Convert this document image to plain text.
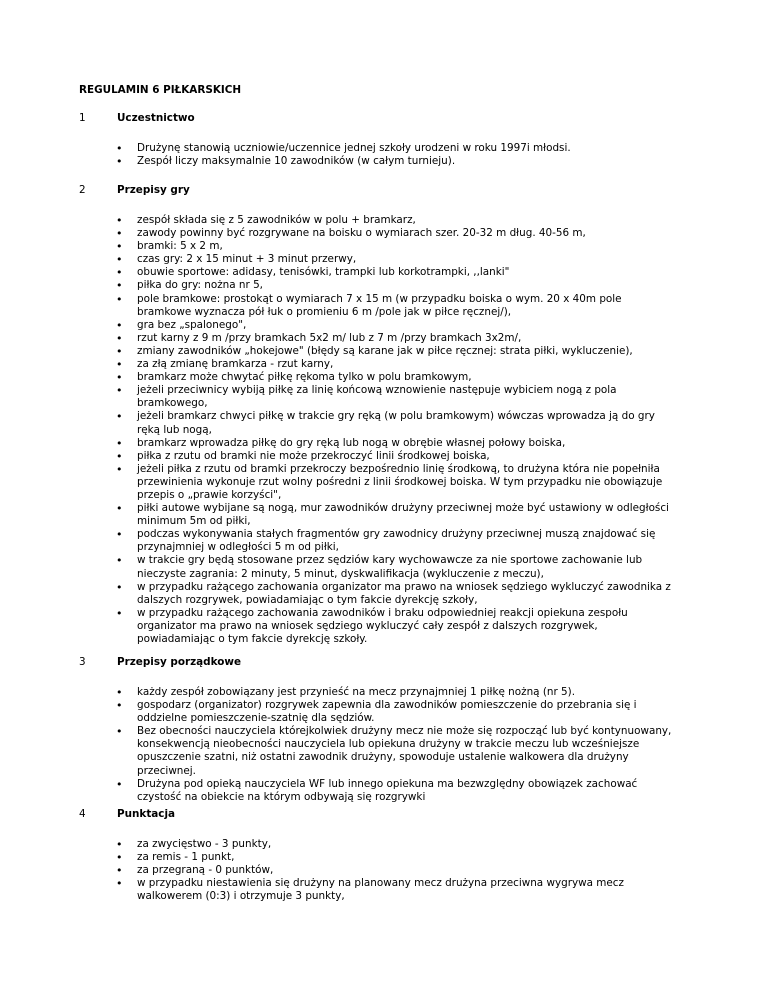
REGULAMIN 6 PIŁKARSKICH
1	Uczestnictwo
• Drużynę stanowią uczniowie/uczennice jednej szkoły urodzeni w roku 1997i młodsi.
• Zespół liczy maksymalnie 10 zawodników (w całym turnieju).
2	Przepisy gry
• zespół składa się z 5 zawodników w polu + bramkarz,
• zawody powinny być rozgrywane na boisku o wymiarach szer. 20-32 m dług. 40-56 m,
• bramki: 5 x 2 m,
• czas gry: 2 x 15 minut + 3 minut przerwy,
• obuwie sportowe: adidasy, tenisówki, trampki lub korkotrampki, ,,lanki"
• piłka do gry: nożna nr 5,
• pole bramkowe: prostokąt o wymiarach 7 x 15 m (w przypadku boiska o wym. 20 x 40m pole bramkowe wyznacza pół łuk o promieniu 6 m /pole jak w piłce ręcznej/),
• gra bez „spalonego",
• rzut karny z 9 m /przy bramkach 5x2 m/ lub z 7 m /przy bramkach 3x2m/,
• zmiany zawodników „hokejowe" (błędy są karane jak w piłce ręcznej: strata piłki, wykluczenie),
• za złą zmianę bramkarza - rzut karny,
• bramkarz może chwytać piłkę rękoma tylko w polu bramkowym,
• jeżeli przeciwnicy wybiją piłkę za linię końcową wznowienie następuje wybiciem nogą z pola bramkowego,
• jeżeli bramkarz chwyci piłkę w trakcie gry ręką (w polu bramkowym) wówczas wprowadza ją do gry ręką lub nogą,
• bramkarz wprowadza piłkę do gry ręką lub nogą w obrębie własnej połowy boiska,
• piłka z rzutu od bramki nie może przekroczyć linii środkowej boiska,
• jeżeli piłka z rzutu od bramki przekroczy bezpośrednio linię środkową, to drużyna która nie popełniła przewinienia wykonuje rzut wolny pośredni z linii środkowej boiska. W tym przypadku nie obowiązuje przepis o „prawie korzyści",
• piłki autowe wybijane są nogą, mur zawodników drużyny przeciwnej może być ustawiony w odległości minimum 5m od piłki,
• podczas wykonywania stałych fragmentów gry zawodnicy drużyny przeciwnej muszą znajdować się przynajmniej w odległości 5 m od piłki,
• w trakcie gry będą stosowane przez sędziów kary wychowawcze za nie sportowe zachowanie lub nieczyste zagrania: 2 minuty, 5 minut, dyskwalifikacja (wykluczenie z meczu),
• w przypadku rażącego zachowania organizator ma prawo na wniosek sędziego wykluczyć zawodnika z dalszych rozgrywek, powiadamiając o tym fakcie dyrekcję szkoły,
• w przypadku rażącego zachowania zawodników i braku odpowiedniej reakcji opiekuna zespołu organizator ma prawo na wniosek sędziego wykluczyć cały zespół z dalszych rozgrywek, powiadamiając o tym fakcie dyrekcję szkoły.
3	Przepisy porządkowe
• każdy zespół zobowiązany jest przynieść na mecz przynajmniej 1 piłkę nożną (nr 5).
• gospodarz (organizator) rozgrywek zapewnia dla zawodników pomieszczenie do przebrania się i oddzielne pomieszczenie-szatnię dla sędziów.
• Bez obecności nauczyciela którejkolwiek drużyny mecz nie może się rozpocząć lub być kontynuowany, konsekwencją nieobecności nauczyciela lub opiekuna drużyny w trakcie meczu lub wcześniejsze opuszczenie szatni, niż ostatni zawodnik drużyny, spowoduje ustalenie walkowera dla drużyny przeciwnej.
• Drużyna pod opieką nauczyciela WF lub innego opiekuna ma bezwzględny obowiązek zachować czystość na obiekcie na którym odbywają się rozgrywki
4	Punktacja
• za zwycięstwo - 3 punkty,
• za remis - 1 punkt,
• za przegraną - 0 punktów,
• w przypadku niestawienia się drużyny na planowany mecz drużyna przeciwna wygrywa mecz walkowerem (0:3) i otrzymuje 3 punkty,
